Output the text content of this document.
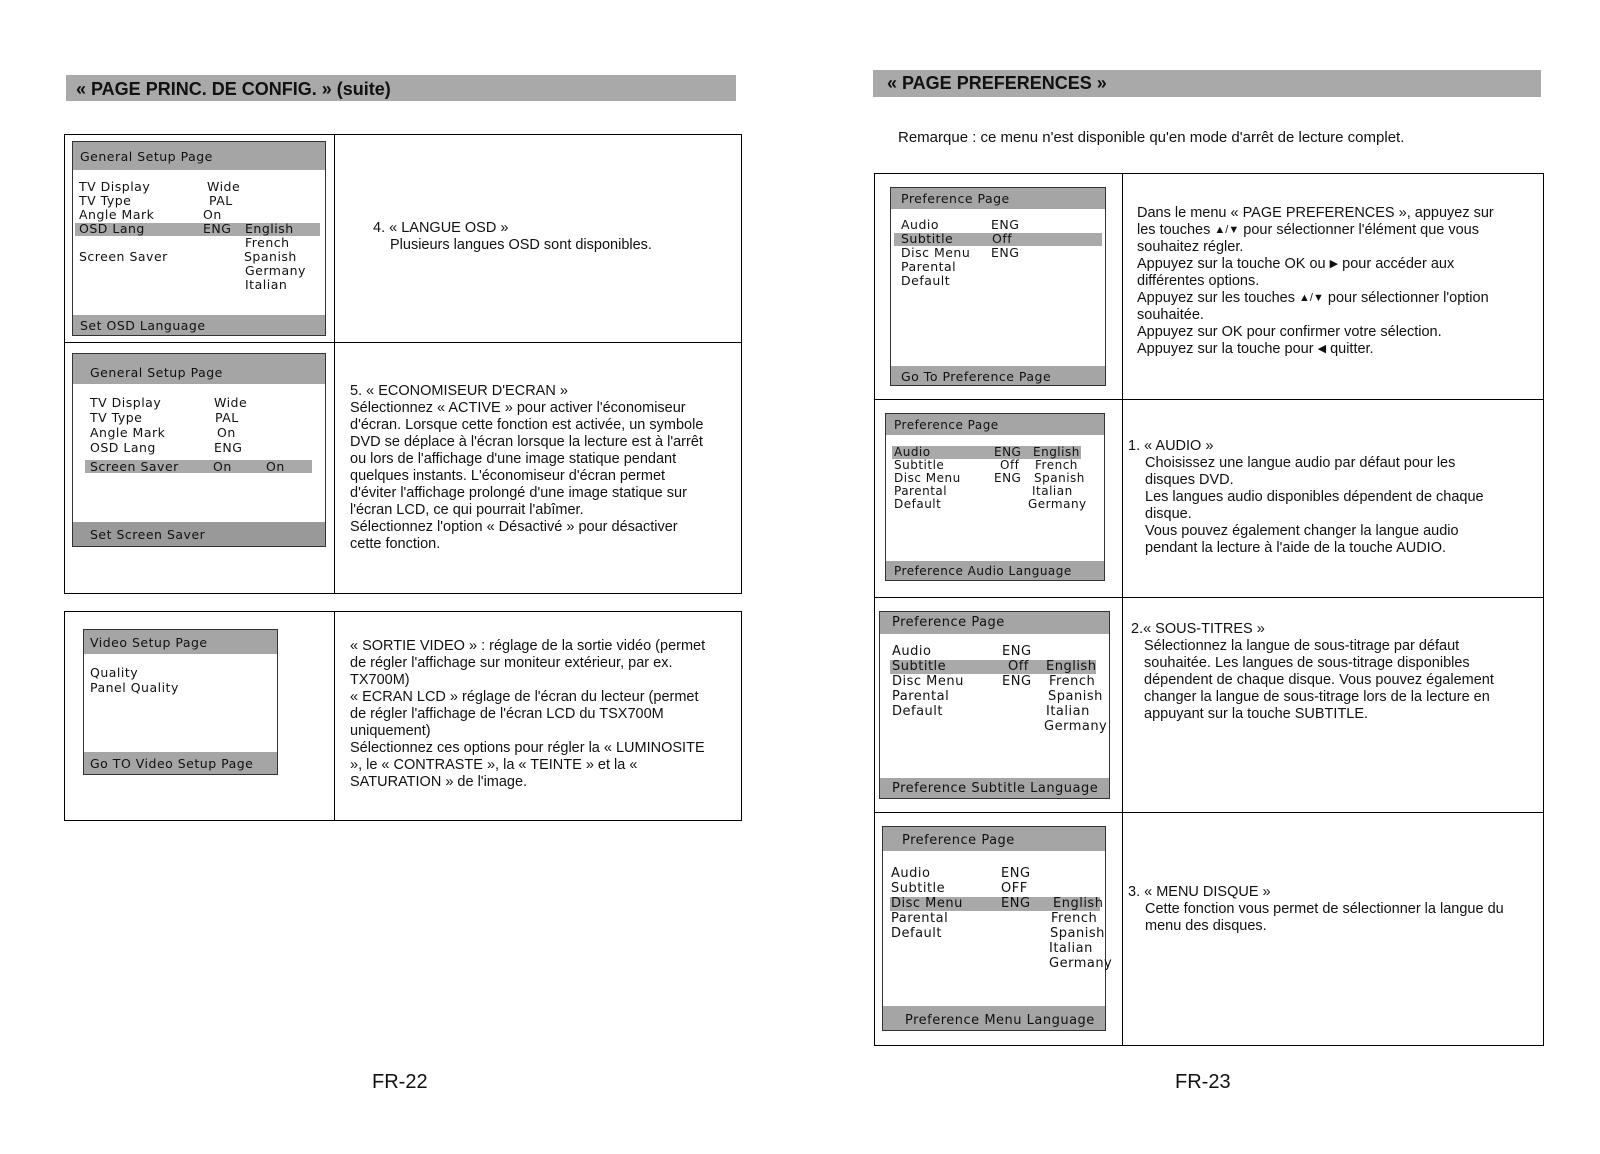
« PAGE PRINC. DE CONFIG. » (suite)
General Setup Page
TV Display	Wide
TV Type	PAL
Angle Mark	On
OSD Lang	ENG
Screen Saver
English
French
Spanish
Germany
Italian
Set OSD Language

4. « LANGUE OSD »

Plusieurs langues OSD sont disponibles.

General Setup Page
TV Display	Wide
TV Type	PAL
Angle Mark	On
OSD Lang	ENG
Screen Saver	On	On
Set Screen Saver

5. « ECONOMISEUR D'ECRAN »

Sélectionnez « ACTIVE » pour activer l'économiseur

d'écran. Lorsque cette fonction est activée, un symbole

DVD se déplace à l'écran lorsque la lecture est à l'arrêt

ou lors de l'affichage d'une image statique pendant

quelques instants. L'économiseur d'écran permet

d'éviter l'affichage prolongé d'une image statique sur

l'écran LCD, ce qui pourrait l'abîmer.

Sélectionnez l'option « Désactivé » pour désactiver

cette fonction.

Video Setup Page
Quality
Panel Quality
Go TO Video Setup Page

« SORTIE VIDEO » : réglage de la sortie vidéo (permet

de régler l'affichage sur moniteur extérieur, par ex.

TX700M)

« ECRAN LCD » réglage de l'écran du lecteur (permet

de régler l'affichage de l'écran LCD du TSX700M

uniquement)

Sélectionnez ces options pour régler la « LUMINOSITE

», le « CONTRASTE », la « TEINTE » et la «

SATURATION » de l'image.

FR-22
« PAGE PREFERENCES »
Remarque : ce menu n'est disponible qu'en mode d'arrêt de lecture complet.
Preference Page
Audio	ENG
Subtitle	Off
Disc Menu ENG
Parental
Default
Go To Preference Page

Dans le menu « PAGE PREFERENCES », appuyez sur

les touches ▲/▼ pour sélectionner l'élément que vous

souhaitez régler.

Appuyez sur la touche OK ou ▶ pour accéder aux

différentes options.

Appuyez sur les touches ▲/▼ pour sélectionner l'option

souhaitée.

Appuyez sur OK pour confirmer votre sélection.

Appuyez sur la touche pour ◀ quitter.

Preference Page
Audio	ENG
Subtitle	Off
Disc Menu	ENG
Parental
Default
English
French
Spanish
Italian
Germany
Preference Audio Language

1. « AUDIO »

Choisissez une langue audio par défaut pour les

disques DVD.

Les langues audio disponibles dépendent de chaque

disque.

Vous pouvez également changer la langue audio

pendant la lecture à l'aide de la touche AUDIO.

Preference Page
Audio	ENG
Subtitle	Off
Disc Menu	ENG
Parental
Default
English
French
Spanish
Italian
Germany
Preference Subtitle Language

2.« SOUS-TITRES »

Sélectionnez la langue de sous-titrage par défaut

souhaitée. Les langues de sous-titrage disponibles

dépendent de chaque disque. Vous pouvez également

changer la langue de sous-titrage lors de la lecture en

appuyant sur la touche SUBTITLE.

Preference Page
Audio	ENG
Subtitle	OFF
Disc Menu	ENG
Parental
Default
English
French
Spanish
Italian
Germany
Preference Menu Language

3. « MENU DISQUE »

Cette fonction vous permet de sélectionner la langue du

menu des disques.

FR-23
